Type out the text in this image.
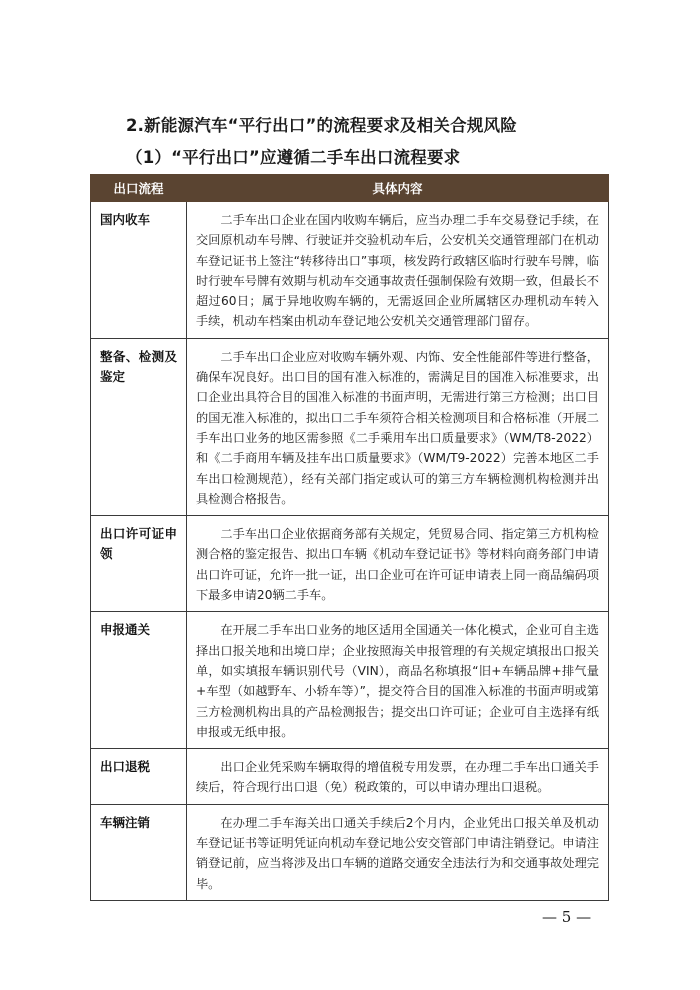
2.新能源汽车“平行出口”的流程要求及相关合规风险
（1）“平行出口”应遵循二手车出口流程要求
出口流程	具体内容
国内收车	二手车出口企业在国内收购车辆后，应当办理二手车交易登记手续，在交回原机动车号牌、行驶证并交验机动车后，公安机关交通管理部门在机动车登记证书上签注“转移待出口”事项，核发跨行政辖区临时行驶车号牌，临时行驶车号牌有效期与机动车交通事故责任强制保险有效期一致，但最长不超过60日；属于异地收购车辆的，无需返回企业所属辖区办理机动车转入手续，机动车档案由机动车登记地公安机关交通管理部门留存。
整备、检测及鉴定	二手车出口企业应对收购车辆外观、内饰、安全性能部件等进行整备，确保车况良好。出口目的国有准入标准的，需满足目的国准入标准要求，出口企业出具符合目的国准入标准的书面声明，无需进行第三方检测；出口目的国无准入标准的，拟出口二手车须符合相关检测项目和合格标准（开展二手车出口业务的地区需参照《二手乘用车出口质量要求》（WM/T8-2022）和《二手商用车辆及挂车出口质量要求》（WM/T9-2022）完善本地区二手车出口检测规范），经有关部门指定或认可的第三方车辆检测机构检测并出具检测合格报告。
出口许可证申领	二手车出口企业依据商务部有关规定，凭贸易合同、指定第三方机构检测合格的鉴定报告、拟出口车辆《机动车登记证书》等材料向商务部门申请出口许可证，允许一批一证，出口企业可在许可证申请表上同一商品编码项下最多申请20辆二手车。
申报通关	在开展二手车出口业务的地区适用全国通关一体化模式，企业可自主选择出口报关地和出境口岸；企业按照海关申报管理的有关规定填报出口报关单，如实填报车辆识别代号（VIN），商品名称填报“旧+车辆品牌+排气量+车型（如越野车、小轿车等）”，提交符合目的国准入标准的书面声明或第三方检测机构出具的产品检测报告；提交出口许可证；企业可自主选择有纸申报或无纸申报。
出口退税	出口企业凭采购车辆取得的增值税专用发票，在办理二手车出口通关手续后，符合现行出口退（免）税政策的，可以申请办理出口退税。
车辆注销	在办理二手车海关出口通关手续后2个月内，企业凭出口报关单及机动车登记证书等证明凭证向机动车登记地公安交管部门申请注销登记。申请注销登记前，应当将涉及出口车辆的道路交通安全违法行为和交通事故处理完毕。
— 5 —
